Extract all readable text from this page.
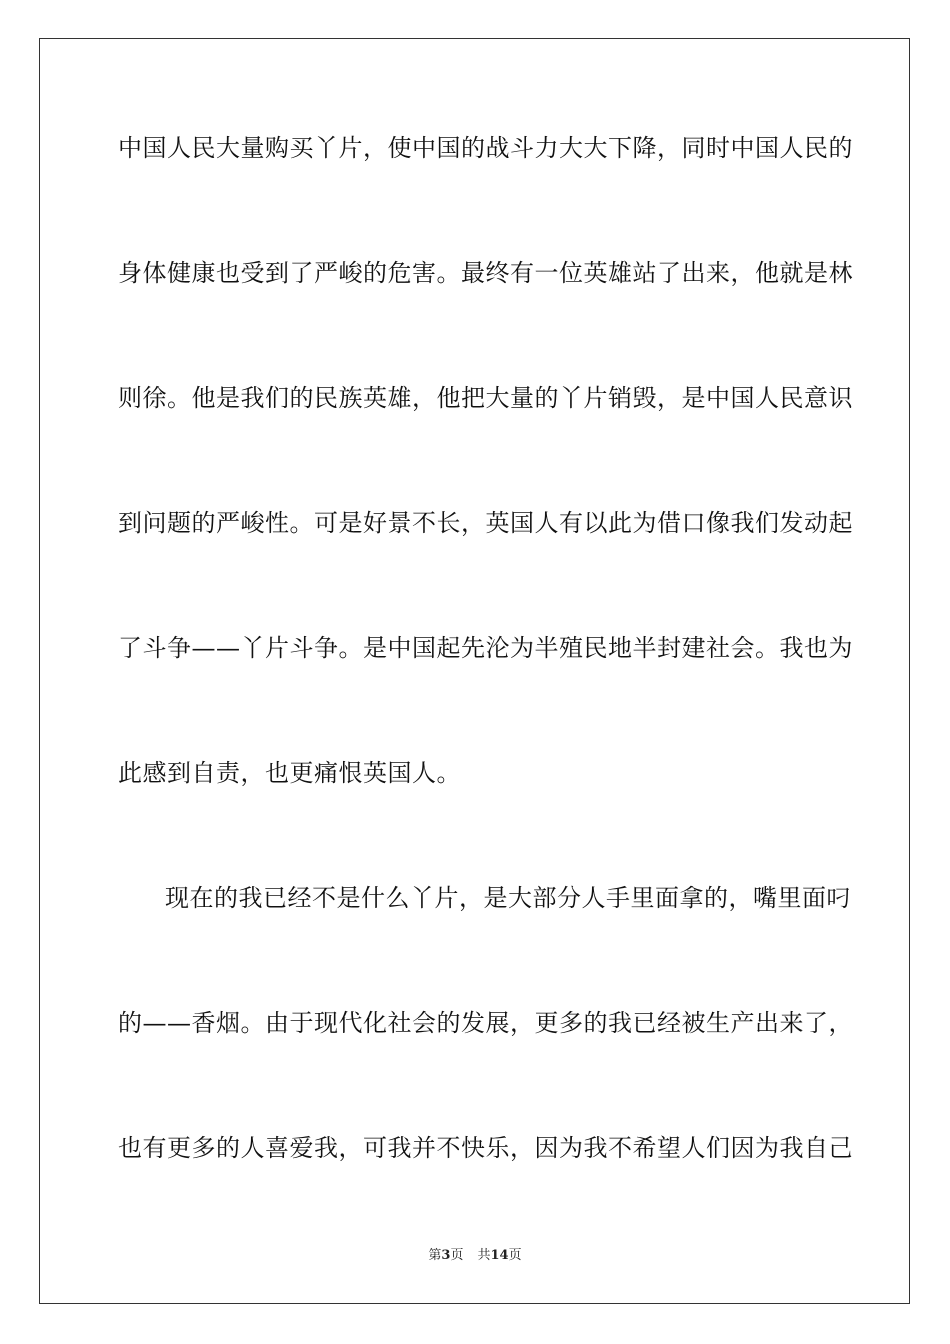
中国人民大量购买丫片，使中国的战斗力大大下降，同时中国人民的
身体健康也受到了严峻的危害。最终有一位英雄站了出来，他就是林
则徐。他是我们的民族英雄，他把大量的丫片销毁，是中国人民意识
到问题的严峻性。可是好景不长，英国人有以此为借口像我们发动起
了斗争——丫片斗争。是中国起先沦为半殖民地半封建社会。我也为
此感到自责，也更痛恨英国人。
现在的我已经不是什么丫片，是大部分人手里面拿的，嘴里面叼
的——香烟。由于现代化社会的发展，更多的我已经被生产出来了，
也有更多的人喜爱我，可我并不快乐，因为我不希望人们因为我自己
第3页 共14页
